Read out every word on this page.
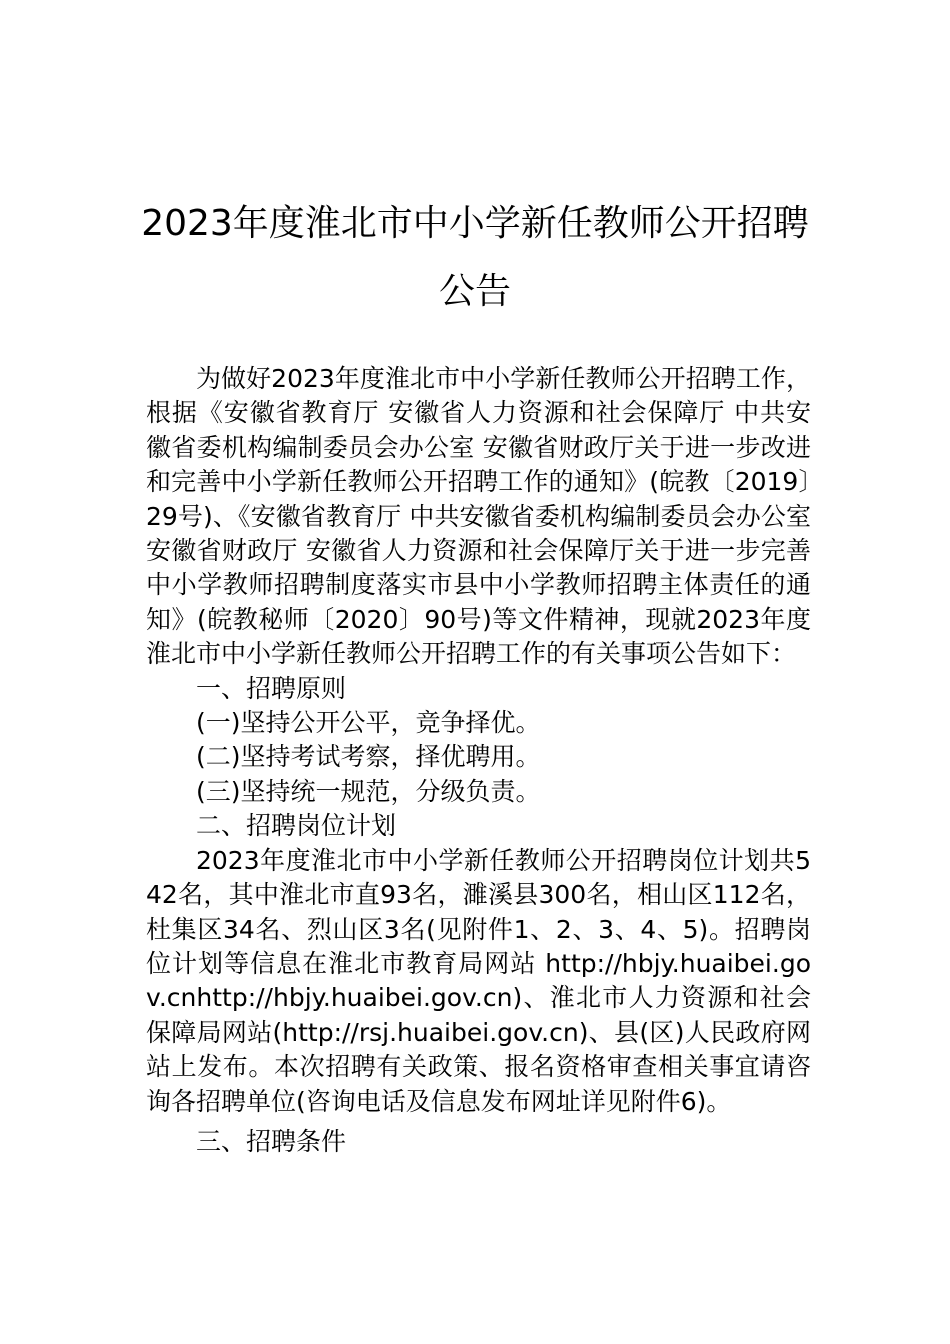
2023年度淮北市中小学新任教师公开招聘
公告

为做好2023年度淮北市中小学新任教师公开招聘工作，根据《安徽省教育厅 安徽省人力资源和社会保障厅 中共安徽省委机构编制委员会办公室 安徽省财政厅关于进一步改进和完善中小学新任教师公开招聘工作的通知》(皖教〔2019〕29号)、《安徽省教育厅 中共安徽省委机构编制委员会办公室 安徽省财政厅 安徽省人力资源和社会保障厅关于进一步完善中小学教师招聘制度落实市县中小学教师招聘主体责任的通知》(皖教秘师〔2020〕90号)等文件精神，现就2023年度淮北市中小学新任教师公开招聘工作的有关事项公告如下：

一、招聘原则

(一)坚持公开公平，竞争择优。

(二)坚持考试考察，择优聘用。

(三)坚持统一规范，分级负责。

二、招聘岗位计划

2023年度淮北市中小学新任教师公开招聘岗位计划共542名，其中淮北市直93名，濉溪县300名，相山区112名，杜集区34名、烈山区3名(见附件1、2、3、4、5)。招聘岗位计划等信息在淮北市教育局网站 http://hbjy.huaibei.gov.cnhttp://hbjy.huaibei.gov.cn)、淮北市人力资源和社会保障局网站(http://rsj.huaibei.gov.cn)、县(区)人民政府网站上发布。本次招聘有关政策、报名资格审查相关事宜请咨询各招聘单位(咨询电话及信息发布网址详见附件6)。

三、招聘条件
